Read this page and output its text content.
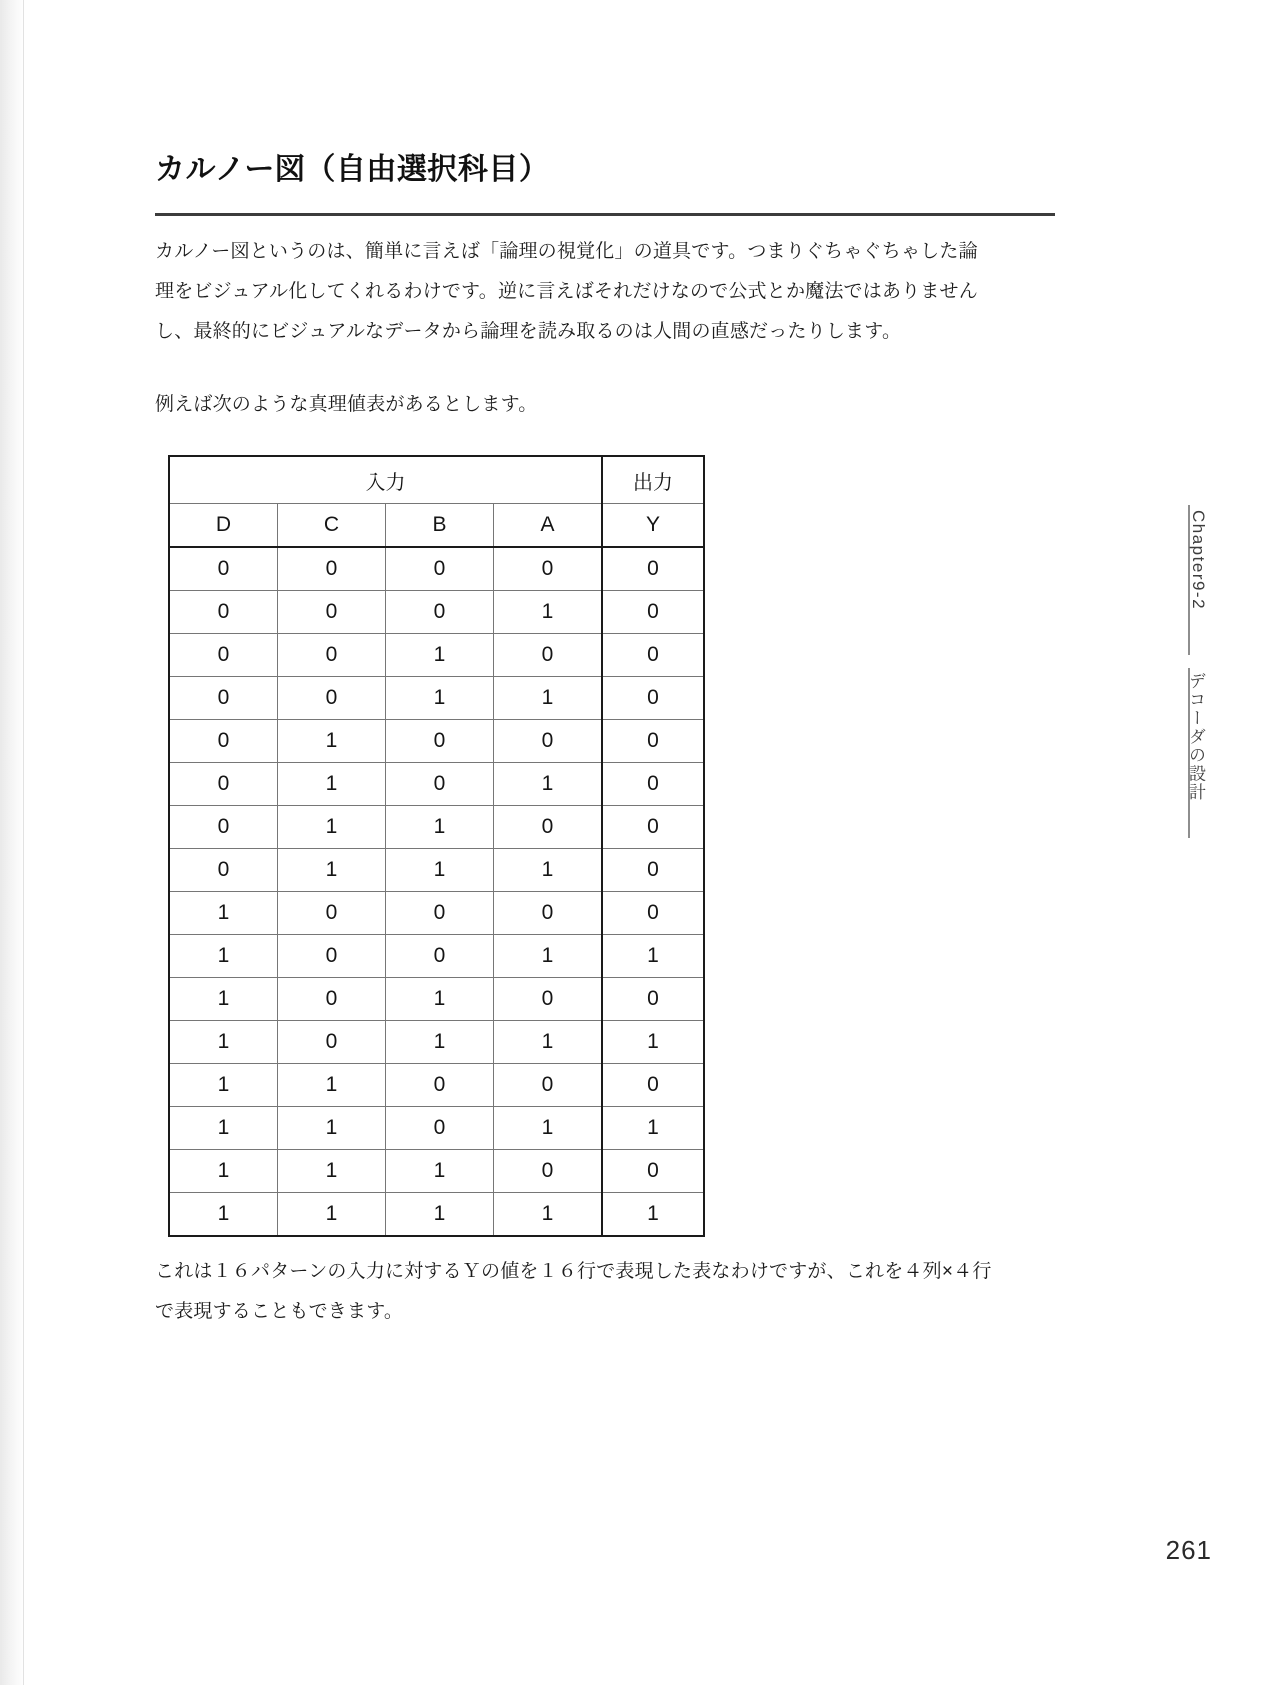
カルノー図（自由選択科目）

カルノー図というのは、簡単に言えば「論理の視覚化」の道具です。つまりぐちゃぐちゃした論

理をビジュアル化してくれるわけです。逆に言えばそれだけなので公式とか魔法ではありません

し、最終的にビジュアルなデータから論理を読み取るのは人間の直感だったりします。

例えば次のような真理値表があるとします。

入力				出力
D	C	B	A	Y
0	0	0	0	0
0	0	0	1	0
0	0	1	0	0
0	0	1	1	0
0	1	0	0	0
0	1	0	1	0
0	1	1	0	0
0	1	1	1	0
1	0	0	0	0
1	0	0	1	1
1	0	1	0	0
1	0	1	1	1
1	1	0	0	0
1	1	0	1	1
1	1	1	0	0
1	1	1	1	1

これは１６パターンの入力に対するＹの値を１６行で表現した表なわけですが、これを４列×４行

で表現することもできます。

Chapter9-2
デコーダの設計
261
